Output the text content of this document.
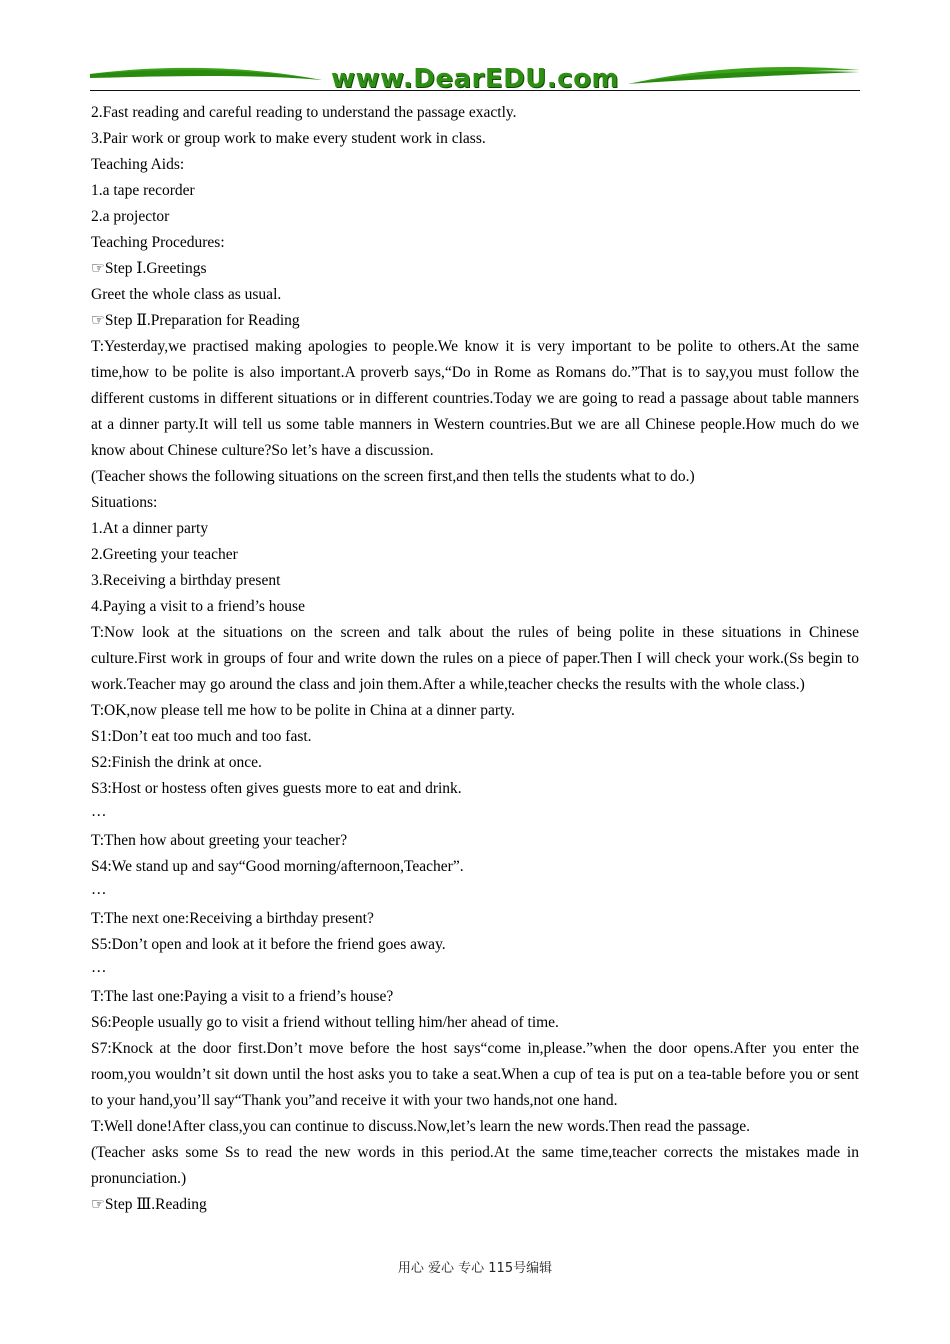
www.DearEDU.com

2.Fast reading and careful reading to understand the passage exactly.

3.Pair work or group work to make every student work in class.

Teaching Aids:

1.a tape recorder

2.a projector

Teaching Procedures:

☞Step Ⅰ.Greetings

Greet the whole class as usual.

☞Step Ⅱ.Preparation for Reading

T:Yesterday,we practised making apologies to people.We know it is very important to be polite to others.At the same time,how to be polite is also important.A proverb says,“Do in Rome as Romans do.”That is to say,you must follow the different customs in different situations or in different countries.Today we are going to read a passage about table manners at a dinner party.It will tell us some table manners in Western countries.But we are all Chinese people.How much do we know about Chinese culture?So let’s have a discussion.

(Teacher shows the following situations on the screen first,and then tells the students what to do.)

Situations:

1.At a dinner party

2.Greeting your teacher

3.Receiving a birthday present

4.Paying a visit to a friend’s house

T:Now look at the situations on the screen and talk about the rules of being polite in these situations in Chinese culture.First work in groups of four and write down the rules on a piece of paper.Then I will check your work.(Ss begin to work.Teacher may go around the class and join them.After a while,teacher checks the results with the whole class.)

T:OK,now please tell me how to be polite in China at a dinner party.

S1:Don’t eat too much and too fast.

S2:Finish the drink at once.

S3:Host or hostess often gives guests more to eat and drink.

…

T:Then how about greeting your teacher?

S4:We stand up and say“Good morning/afternoon,Teacher”.

…

T:The next one:Receiving a birthday present?

S5:Don’t open and look at it before the friend goes away.

…

T:The last one:Paying a visit to a friend’s house?

S6:People usually go to visit a friend without telling him/her ahead of time.

S7:Knock at the door first.Don’t move before the host says“come in,please.”when the door opens.After you enter the room,you wouldn’t sit down until the host asks you to take a seat.When a cup of tea is put on a tea-table before you or sent to your hand,you’ll say“Thank you”and receive it with your two hands,not one hand.

T:Well done!After class,you can continue to discuss.Now,let’s learn the new words.Then read the passage.

(Teacher asks some Ss to read the new words in this period.At the same time,teacher corrects the mistakes made in pronunciation.)

☞Step Ⅲ.Reading

用心 爱心 专心 115号编辑
